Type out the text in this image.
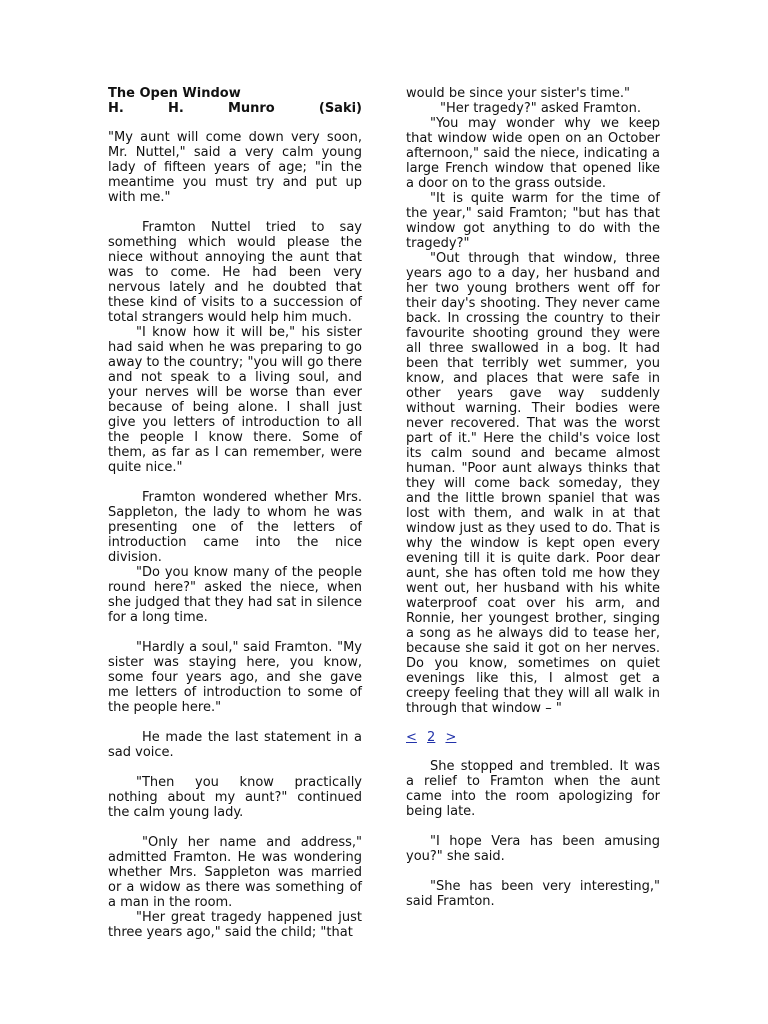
The Open Window

H.	H.	Munro	(Saki)

"My aunt will come down very soon, Mr. Nuttel," said a very calm young lady of fifteen years of age; "in the meantime you must try and put up with me."

Framton Nuttel tried to say something which would please the niece without annoying the aunt that was to come. He had been very nervous lately and he doubted that these kind of visits to a succession of total strangers would help him much.

"I know how it will be," his sister had said when he was preparing to go away to the country; "you will go there and not speak to a living soul, and your nerves will be worse than ever because of being alone. I shall just give you letters of introduction to all the people I know there. Some of them, as far as I can remember, were quite nice."

Framton wondered whether Mrs. Sappleton, the lady to whom he was presenting one of the letters of introduction came into the nice division.

"Do you know many of the people round here?" asked the niece, when she judged that they had sat in silence for a long time.

"Hardly a soul," said Framton. "My sister was staying here, you know, some four years ago, and she gave me letters of introduction to some of the people here."

He made the last statement in a sad voice.

"Then you know practically nothing about my aunt?" continued the calm young lady.

"Only her name and address," admitted Framton. He was wondering whether Mrs. Sappleton was married or a widow as there was something of a man in the room.

"Her great tragedy happened just three years ago," said the child; "that

would be since your sister's time."

"Her tragedy?" asked Framton.

"You may wonder why we keep that window wide open on an October afternoon," said the niece, indicating a large French window that opened like a door on to the grass outside.

"It is quite warm for the time of the year," said Framton; "but has that window got anything to do with the tragedy?"

"Out through that window, three years ago to a day, her husband and her two young brothers went off for their day's shooting. They never came back. In crossing the country to their favourite shooting ground they were all three swallowed in a bog. It had been that terribly wet summer, you know, and places that were safe in other years gave way suddenly without warning. Their bodies were never recovered. That was the worst part of it." Here the child's voice lost its calm sound and became almost human. "Poor aunt always thinks that they will come back someday, they and the little brown spaniel that was lost with them, and walk in at that window just as they used to do. That is why the window is kept open every evening till it is quite dark. Poor dear aunt, she has often told me how they went out, her husband with his white waterproof coat over his arm, and Ronnie, her youngest brother, singing a song as he always did to tease her, because she said it got on her nerves. Do you know, sometimes on quiet evenings like this, I almost get a creepy feeling that they will all walk in through that window – "

< 2 >

She stopped and trembled. It was a relief to Framton when the aunt came into the room apologizing for being late.

"I hope Vera has been amusing you?" she said.

"She has been very interesting," said Framton.
